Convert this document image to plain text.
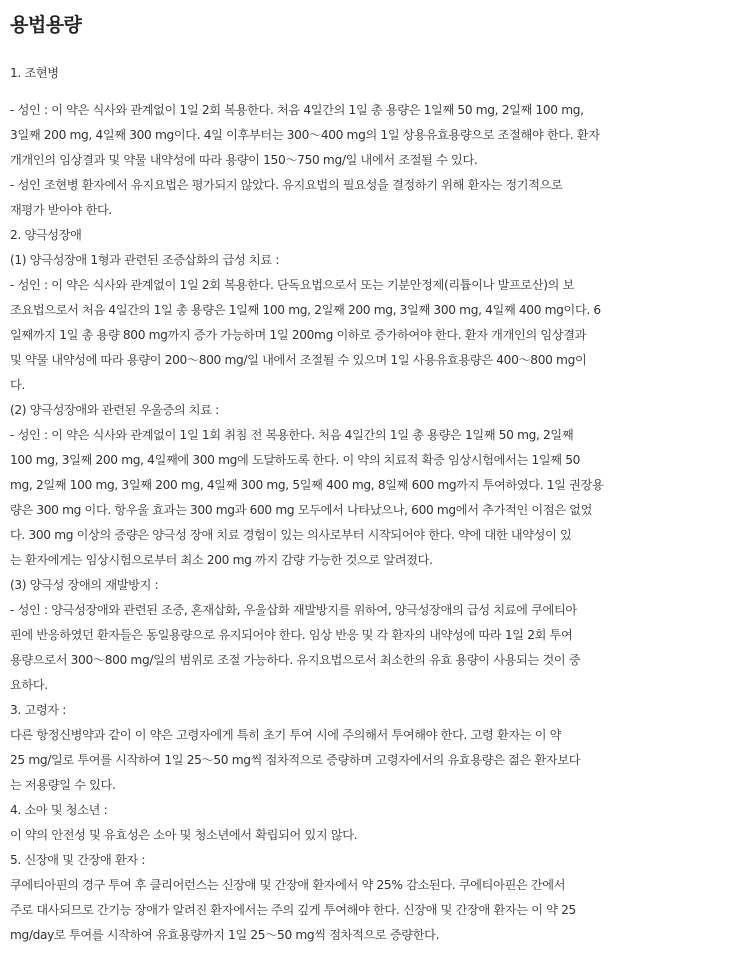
용법용량
1. 조현병
- 성인 : 이 약은 식사와 관계없이 1일 2회 복용한다. 처음 4일간의 1일 총 용량은 1일째 50 mg, 2일째 100 mg,
3일째 200 mg, 4일째 300 mg이다. 4일 이후부터는 300～400 mg의 1일 상용유효용량으로 조절해야 한다. 환자
개개인의 임상결과 및 약물 내약성에 따라 용량이 150～750 mg/일 내에서 조절될 수 있다.
- 성인 조현병 환자에서 유지요법은 평가되지 않았다. 유지요법의 필요성을 결정하기 위해 환자는 정기적으로
재평가 받아야 한다.
2. 양극성장애
(1) 양극성장애 1형과 관련된 조증삽화의 급성 치료 :
- 성인 : 이 약은 식사와 관계없이 1일 2회 복용한다. 단독요법으로서 또는 기분안정제(리튬이나 발프로산)의 보
조요법으로서 처음 4일간의 1일 총 용량은 1일째 100 mg, 2일째 200 mg, 3일째 300 mg, 4일째 400 mg이다. 6
일째까지 1일 총 용량 800 mg까지 증가 가능하며 1일 200mg 이하로 증가하여야 한다. 환자 개개인의 임상결과
및 약물 내약성에 따라 용량이 200～800 mg/일 내에서 조절될 수 있으며 1일 사용유효용량은 400～800 mg이
다.
(2) 양극성장애와 관련된 우울증의 치료 :
- 성인 : 이 약은 식사와 관계없이 1일 1회 취침 전 복용한다. 처음 4일간의 1일 총 용량은 1일째 50 mg, 2일째
100 mg, 3일째 200 mg, 4일째에 300 mg에 도달하도록 한다. 이 약의 치료적 확증 임상시험에서는 1일째 50
mg, 2일째 100 mg, 3일째 200 mg, 4일째 300 mg, 5일째 400 mg, 8일째 600 mg까지 투여하였다. 1일 권장용
량은 300 mg 이다. 항우울 효과는 300 mg과 600 mg 모두에서 나타났으나, 600 mg에서 추가적인 이점은 없었
다. 300 mg 이상의 증량은 양극성 장애 치료 경험이 있는 의사로부터 시작되어야 한다. 약에 대한 내약성이 있
는 환자에게는 임상시험으로부터 최소 200 mg 까지 감량 가능한 것으로 알려졌다.
(3) 양극성 장애의 재발방지 :
- 성인 : 양극성장애와 관련된 조증, 혼재삽화, 우울삽화 재발방지를 위하여, 양극성장애의 급성 치료에 쿠에티아
핀에 반응하였던 환자들은 동일용량으로 유지되어야 한다. 임상 반응 및 각 환자의 내약성에 따라 1일 2회 투여
용량으로서 300～800 mg/일의 범위로 조절 가능하다. 유지요법으로서 최소한의 유효 용량이 사용되는 것이 중
요하다.
3. 고령자 :
다른 항정신병약과 같이 이 약은 고령자에게 특히 초기 투여 시에 주의해서 투여해야 한다. 고령 환자는 이 약
25 mg/일로 투여를 시작하여 1일 25～50 mg씩 점차적으로 증량하며 고령자에서의 유효용량은 젊은 환자보다
는 저용량일 수 있다.
4. 소아 및 청소년 :
이 약의 안전성 및 유효성은 소아 및 청소년에서 확립되어 있지 않다.
5. 신장애 및 간장애 환자 :
쿠에티아핀의 경구 투여 후 클리어런스는 신장애 및 간장애 환자에서 약 25% 감소된다. 쿠에티아핀은 간에서
주로 대사되므로 간기능 장애가 알려진 환자에서는 주의 깊게 투여해야 한다. 신장애 및 간장애 환자는 이 약 25
mg/day로 투여를 시작하여 유효용량까지 1일 25～50 mg씩 점차적으로 증량한다.
